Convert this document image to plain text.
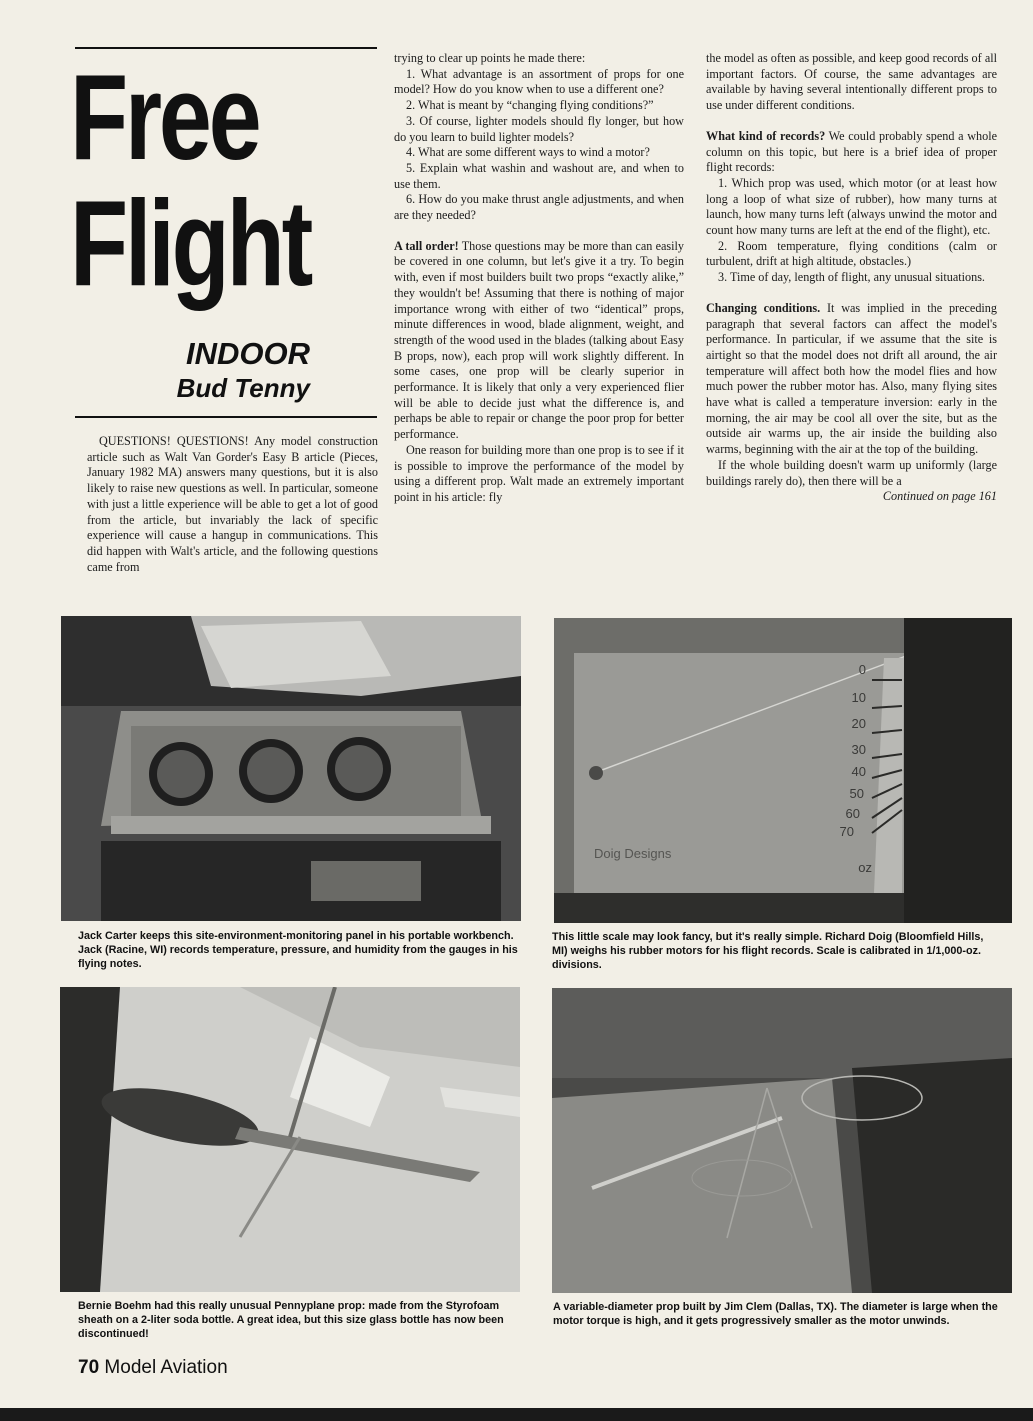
Free
Flight
INDOOR
Bud Tenny

QUESTIONS! QUESTIONS! Any model construction article such as Walt Van Gorder's Easy B article (Pieces, January 1982 MA) answers many questions, but it is also likely to raise new questions as well. In particular, someone with just a little experience will be able to get a lot of good from the article, but invariably the lack of specific experience will cause a hangup in communications. This did happen with Walt's article, and the following questions came from

trying to clear up points he made there:

1. What advantage is an assortment of props for one model? How do you know when to use a different one?

2. What is meant by “changing flying conditions?”

3. Of course, lighter models should fly longer, but how do you learn to build lighter models?

4. What are some different ways to wind a motor?

5. Explain what washin and washout are, and when to use them.

6. How do you make thrust angle adjustments, and when are they needed?

A tall order! Those questions may be more than can easily be covered in one column, but let's give it a try. To begin with, even if most builders built two props “exactly alike,” they wouldn't be! Assuming that there is nothing of major importance wrong with either of two “identical” props, minute differences in wood, blade alignment, weight, and strength of the wood used in the blades (talking about Easy B props, now), each prop will work slightly different. In some cases, one prop will be clearly superior in performance. It is likely that only a very experienced flier will be able to decide just what the difference is, and perhaps be able to repair or change the poor prop for better performance.

One reason for building more than one prop is to see if it is possible to improve the performance of the model by using a different prop. Walt made an extremely important point in his article: fly

the model as often as possible, and keep good records of all important factors. Of course, the same advantages are available by having several intentionally different props to use under different conditions.

What kind of records? We could probably spend a whole column on this topic, but here is a brief idea of proper flight records:

1. Which prop was used, which motor (or at least how long a loop of what size of rubber), how many turns at launch, how many turns left (always unwind the motor and count how many turns are left at the end of the flight), etc.

2. Room temperature, flying conditions (calm or turbulent, drift at high altitude, obstacles.)

3. Time of day, length of flight, any unusual situations.

Changing conditions. It was implied in the preceding paragraph that several factors can affect the model's performance. In particular, if we assume that the site is airtight so that the model does not drift all around, the air temperature will affect both how the model flies and how much power the rubber motor has. Also, many flying sites have what is called a temperature inversion: early in the morning, the air may be cool all over the site, but as the outside air warms up, the air inside the building also warms, beginning with the air at the top of the building.

If the whole building doesn't warm up uniformly (large buildings rarely do), then there will be a

Continued on page 161
0
10
20
30
40
50
60
70
oz
Doig Designs
Jack Carter keeps this site-environment-monitoring panel in his portable workbench. Jack (Racine, WI) records temperature, pressure, and humidity from the gauges in his flying notes.
This little scale may look fancy, but it's really simple. Richard Doig (Bloomfield Hills, MI) weighs his rubber motors for his flight records. Scale is calibrated in 1/1,000-oz. divisions.
Bernie Boehm had this really unusual Pennyplane prop: made from the Styrofoam sheath on a 2-liter soda bottle. A great idea, but this size glass bottle has now been discontinued!
A variable-diameter prop built by Jim Clem (Dallas, TX). The diameter is large when the motor torque is high, and it gets progressively smaller as the motor unwinds.
70 Model Aviation
